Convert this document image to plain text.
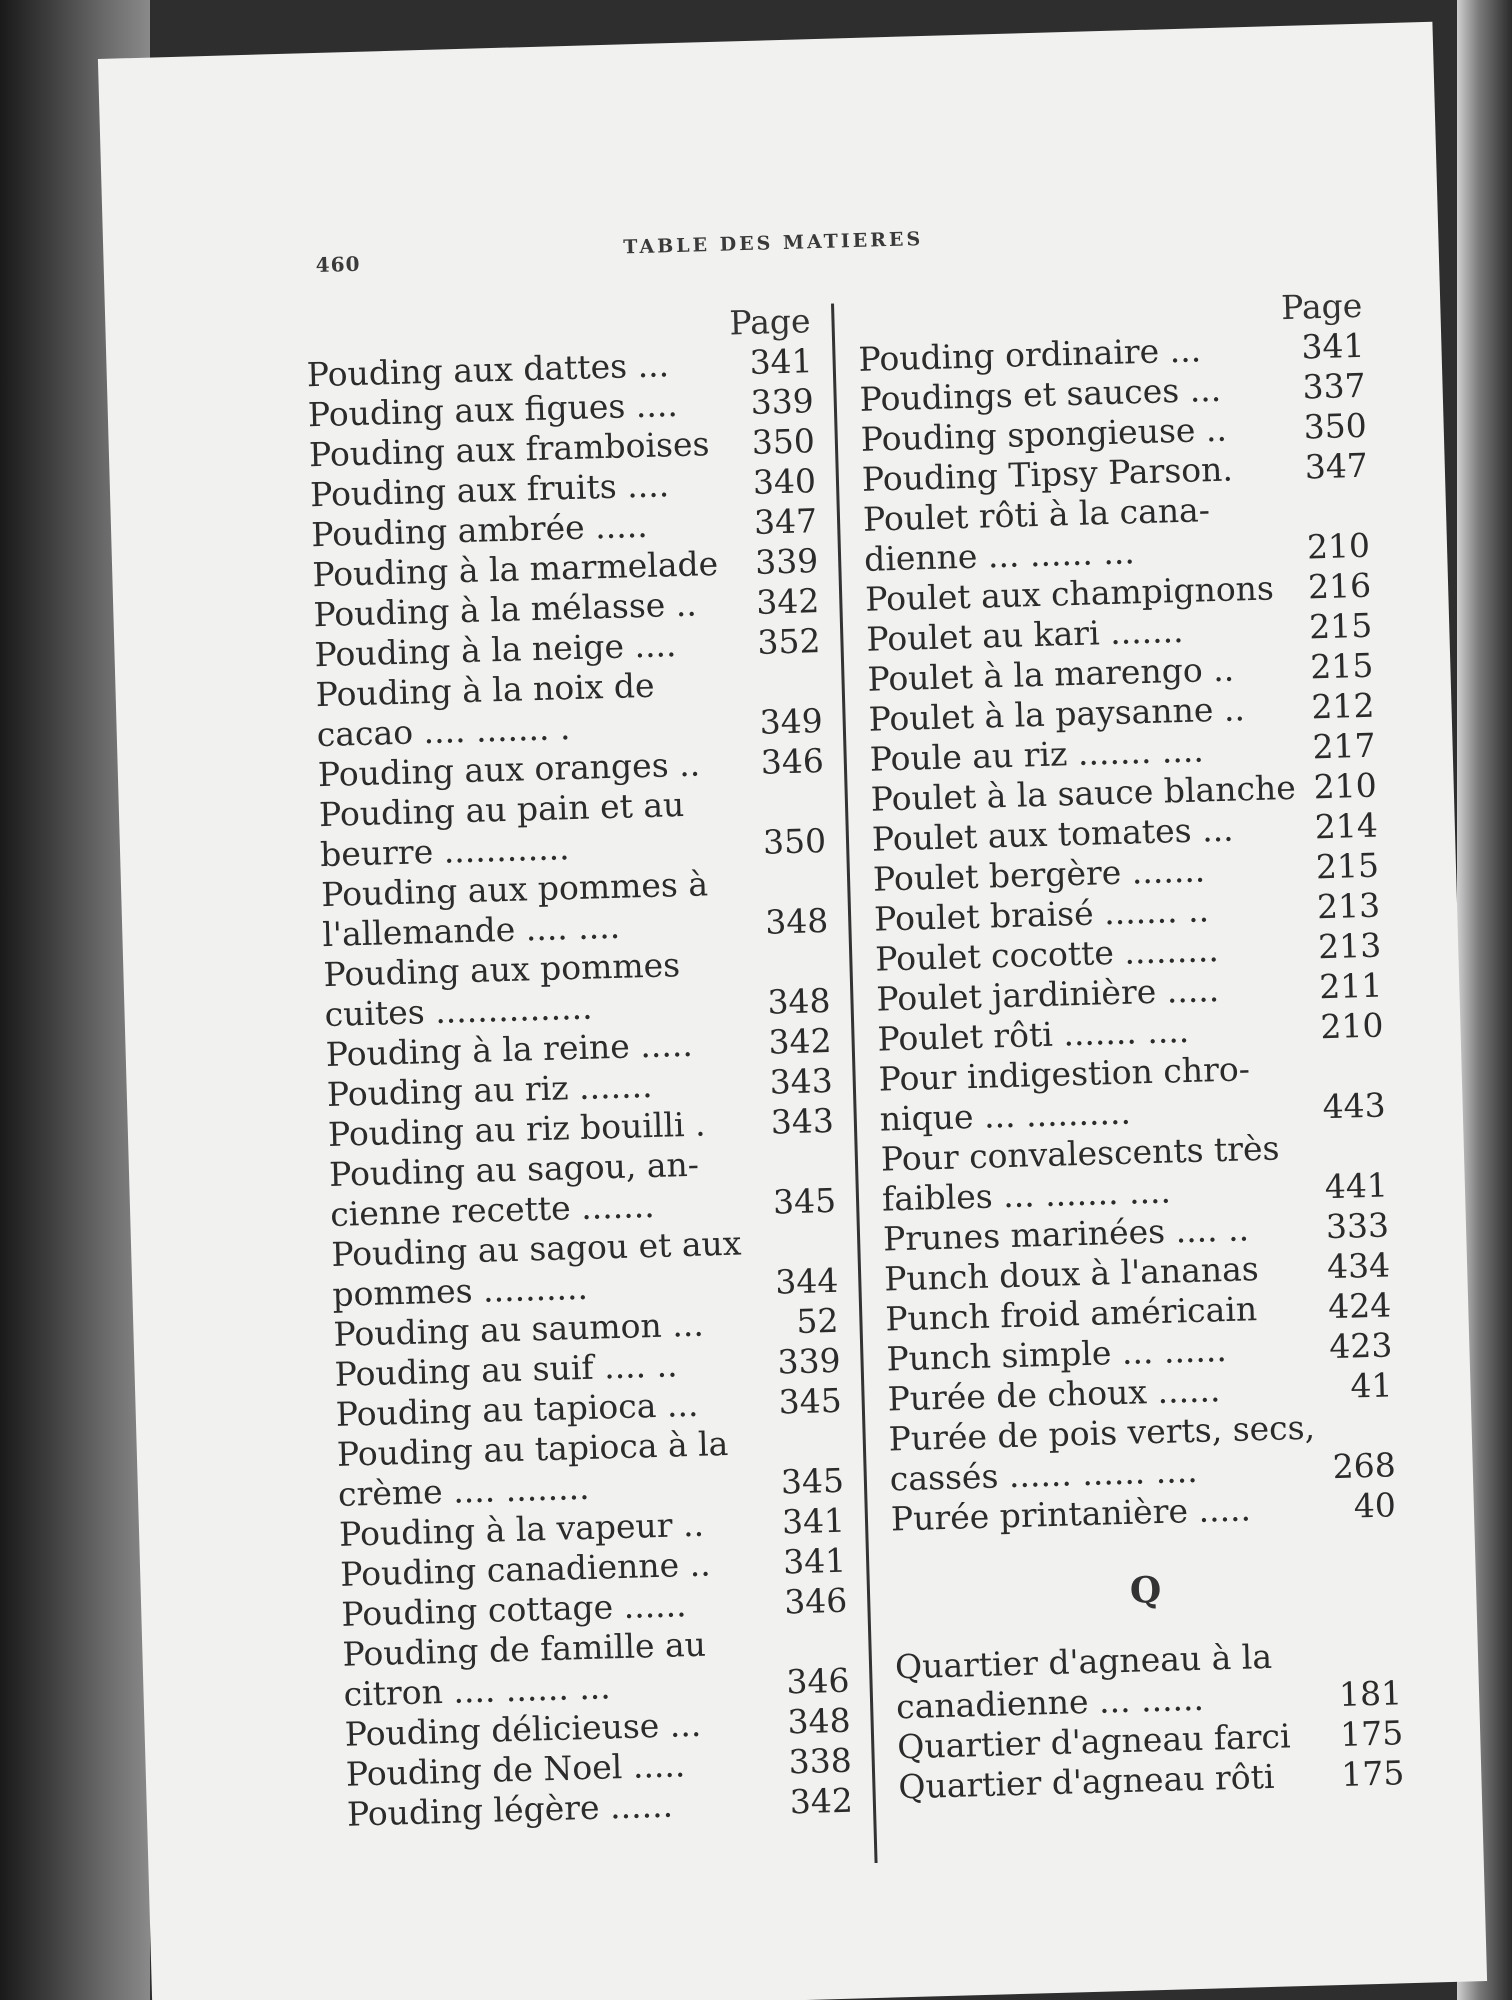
460
TABLE DES MATIERES
Page
Pouding aux dattes ...	341
Pouding aux figues ....	339
Pouding aux framboises	350
Pouding aux fruits ....	340
Pouding ambrée .....	347
Pouding à la marmelade	339
Pouding à la mélasse ..	342
Pouding à la neige ....	352
Pouding à la noix de
cacao .... ....... .	349
Pouding aux oranges ..	346
Pouding au pain et au
beurre ............	350
Pouding aux pommes à
l'allemande .... ....	348
Pouding aux pommes
cuites ...............	348
Pouding à la reine .....	342
Pouding au riz .......	343
Pouding au riz bouilli .	343
Pouding au sagou, an-
cienne recette .......	345
Pouding au sagou et aux
pommes ..........	344
Pouding au saumon ...	52
Pouding au suif .... ..	339
Pouding au tapioca ...	345
Pouding au tapioca à la
crème .... ........	345
Pouding à la vapeur ..	341
Pouding canadienne ..	341
Pouding cottage ......	346
Pouding de famille au
citron .... ...... ...	346
Pouding délicieuse ...	348
Pouding de Noel .....	338
Pouding légère ......	342
Page
Pouding ordinaire ...	341
Poudings et sauces ...	337
Pouding spongieuse ..	350
Pouding Tipsy Parson.	347
Poulet rôti à la cana-
dienne ... ...... ...	210
Poulet aux champignons	216
Poulet au kari .......	215
Poulet à la marengo ..	215
Poulet à la paysanne ..	212
Poule au riz ....... ....	217
Poulet à la sauce blanche 210
Poulet aux tomates ...	214
Poulet bergère .......	215
Poulet braisé ....... ..	213
Poulet cocotte .........	213
Poulet jardinière .....	211
Poulet rôti ....... ....	210
Pour indigestion chro-
nique ... ..........	443
Pour convalescents très
faibles ... ....... ....	441
Prunes marinées .... ..	333
Punch doux à l'ananas	434
Punch froid américain	424
Punch simple ... ......	423
Purée de choux ......	41
Purée de pois verts, secs,
cassés ...... ...... ....	268
Purée printanière .....	40
Q
Quartier d'agneau à la
canadienne ... ......	181
Quartier d'agneau farci	175
Quartier d'agneau rôti	175
